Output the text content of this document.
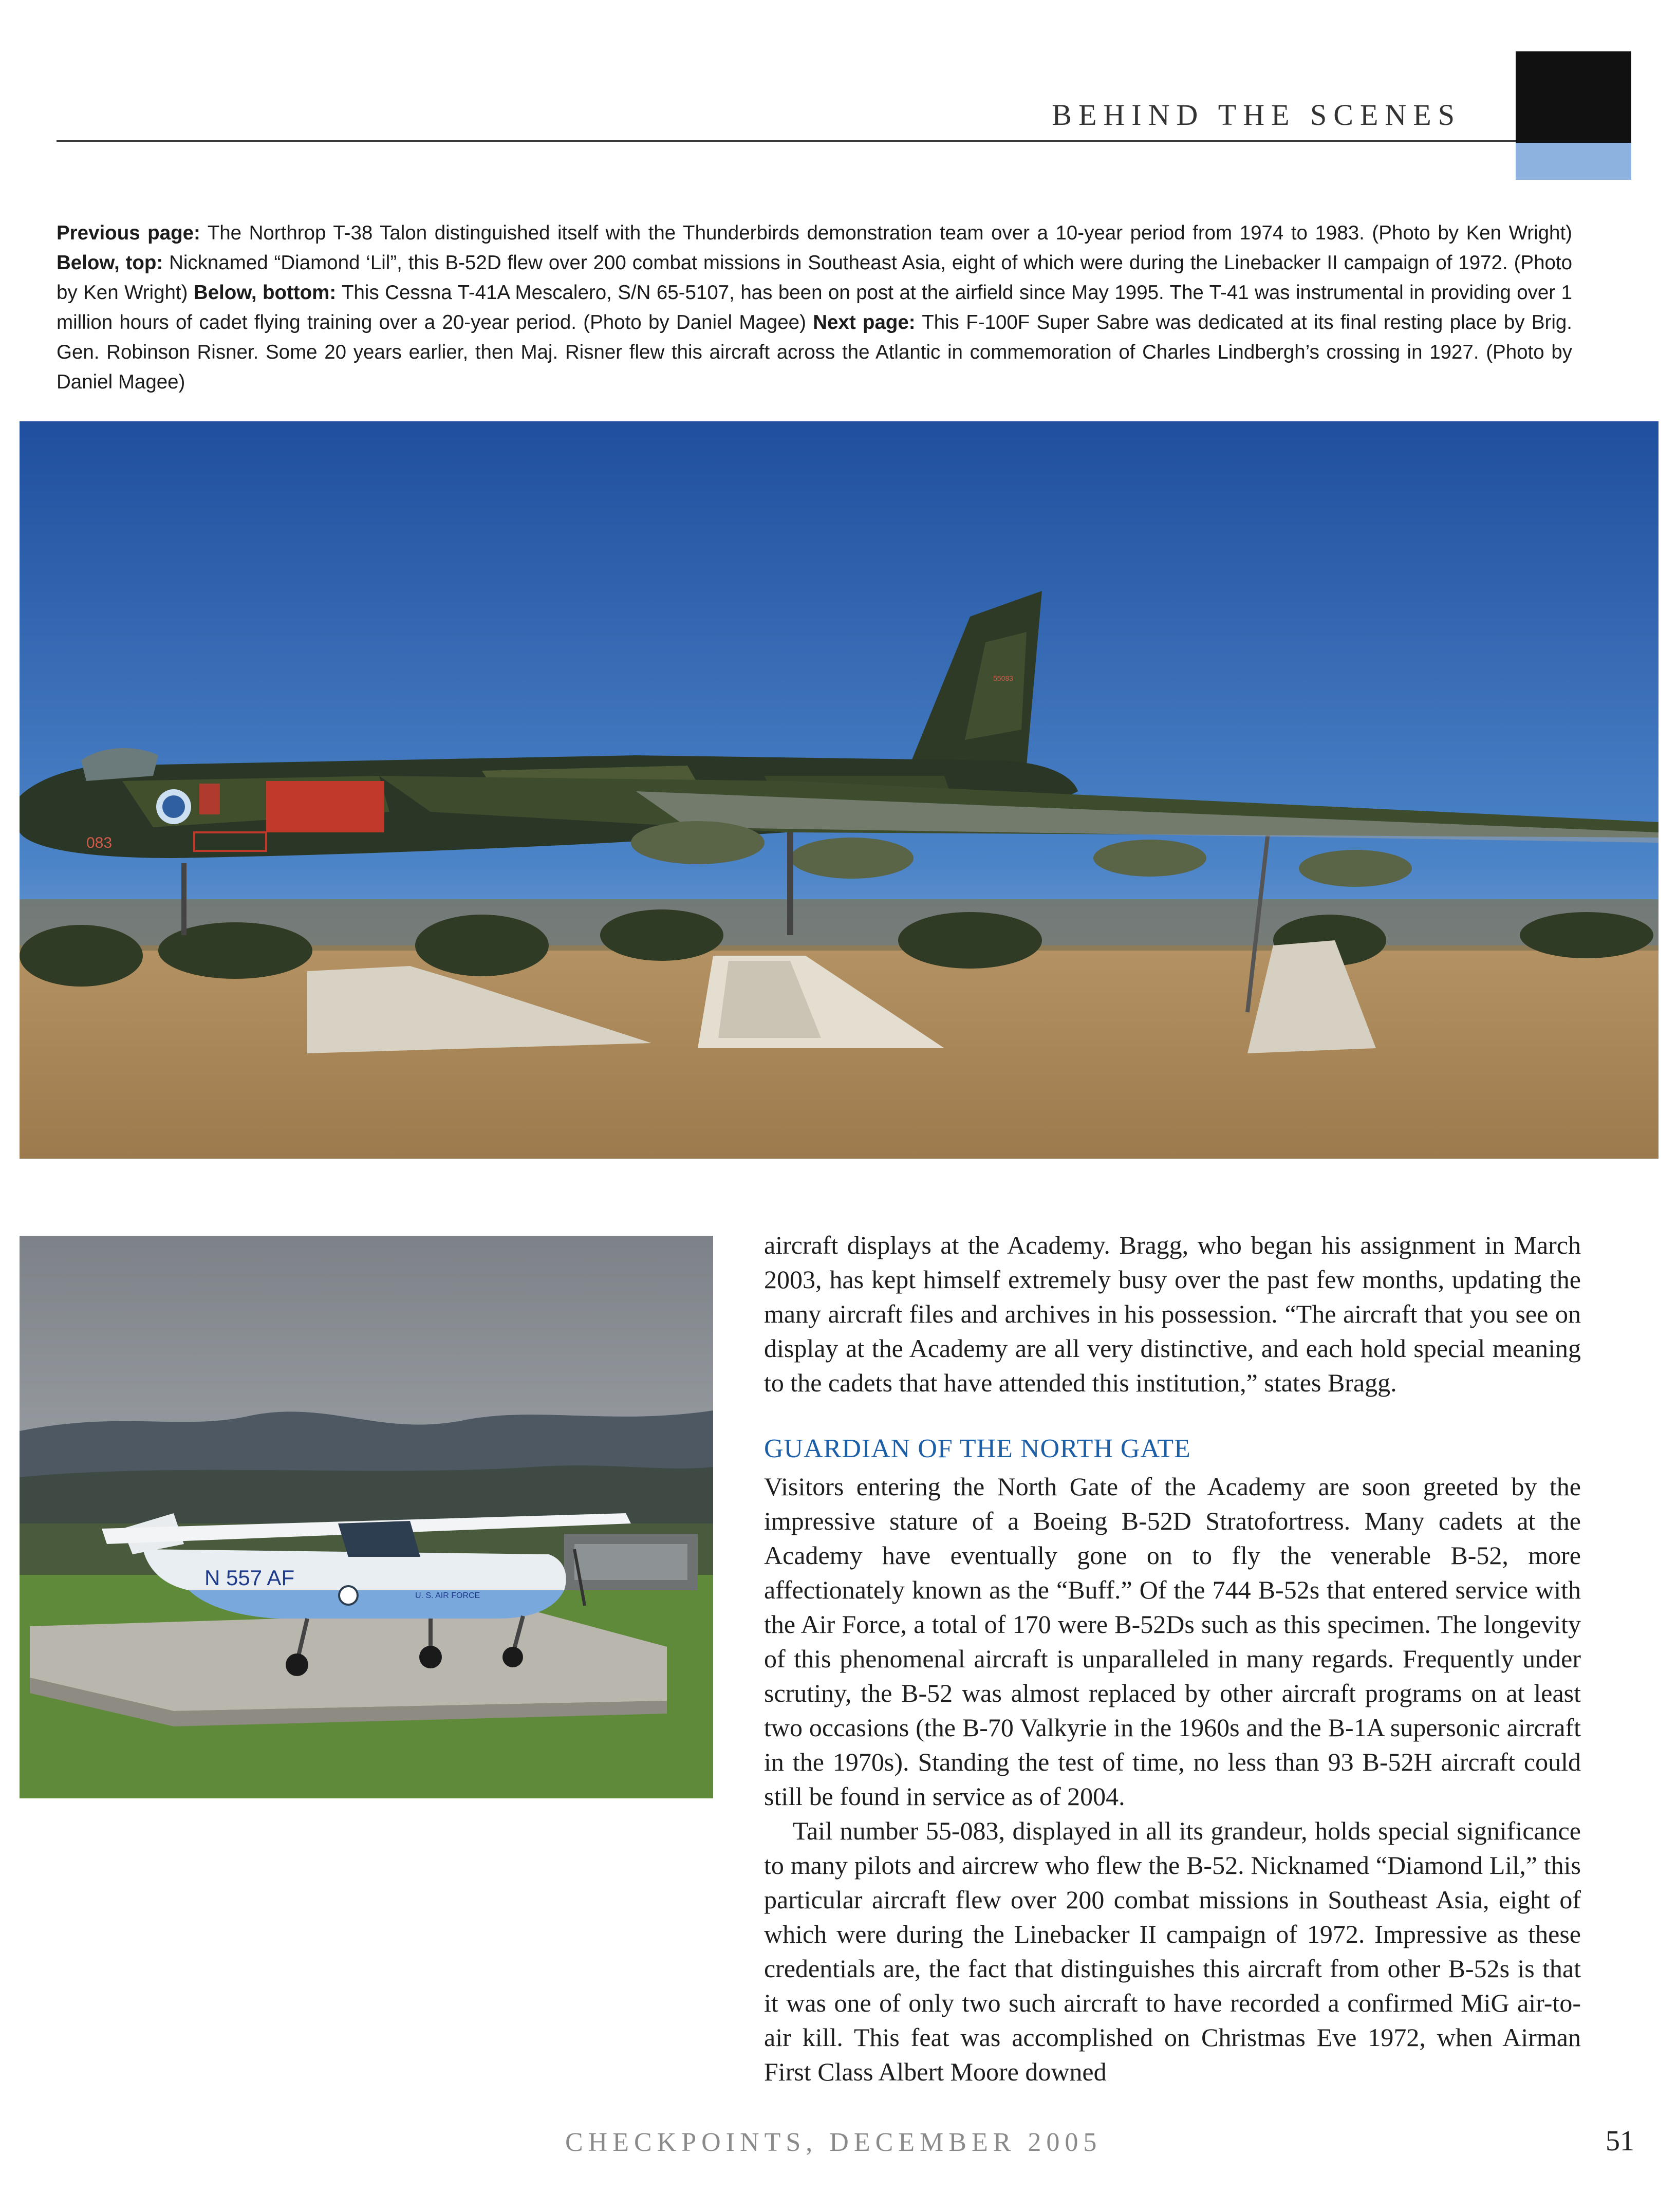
BEHIND THE SCENES
Previous page: The Northrop T-38 Talon distinguished itself with the Thunderbirds demonstration team over a 10-year period from 1974 to 1983. (Photo by Ken Wright) Below, top: Nicknamed “Diamond ‘Lil”, this B-52D flew over 200 combat missions in Southeast Asia, eight of which were during the Linebacker II campaign of 1972. (Photo by Ken Wright) Below, bottom: This Cessna T-41A Mescalero, S/N 65-5107, has been on post at the airfield since May 1995. The T-41 was instrumental in providing over 1 million hours of cadet flying training over a 20-year period. (Photo by Daniel Magee) Next page: This F-100F Super Sabre was dedicated at its final resting place by Brig. Gen. Robinson Risner. Some 20 years earlier, then Maj. Risner flew this aircraft across the Atlantic in commemoration of Charles Lindbergh’s crossing in 1927. (Photo by Daniel Magee)
083
55083
N 557 AF
U. S. AIR FORCE

aircraft displays at the Academy. Bragg, who began his assignment in March 2003, has kept himself extremely busy over the past few months, updating the many aircraft files and archives in his possession. “The aircraft that you see on display at the Academy are all very distinctive, and each hold special meaning to the cadets that have attended this institution,” states Bragg.

GUARDIAN OF THE NORTH GATE

Visitors entering the North Gate of the Academy are soon greeted by the impressive stature of a Boeing B-52D Stratofortress. Many cadets at the Academy have eventually gone on to fly the venerable B-52, more affectionately known as the “Buff.” Of the 744 B-52s that entered service with the Air Force, a total of 170 were B-52Ds such as this specimen. The longevity of this phenomenal aircraft is unparalleled in many regards. Frequently under scrutiny, the B-52 was almost replaced by other aircraft programs on at least two occasions (the B-70 Valkyrie in the 1960s and the B-1A supersonic aircraft in the 1970s). Standing the test of time, no less than 93 B-52H aircraft could still be found in service as of 2004.

Tail number 55-083, displayed in all its grandeur, holds special significance to many pilots and aircrew who flew the B-52. Nicknamed “Diamond Lil,” this particular aircraft flew over 200 combat missions in Southeast Asia, eight of which were during the Linebacker II campaign of 1972. Impressive as these credentials are, the fact that distinguishes this aircraft from other B-52s is that it was one of only two such aircraft to have recorded a confirmed MiG air-to-air kill. This feat was accomplished on Christmas Eve 1972, when Airman First Class Albert Moore downed

CHECKPOINTS, DECEMBER 2005	51
